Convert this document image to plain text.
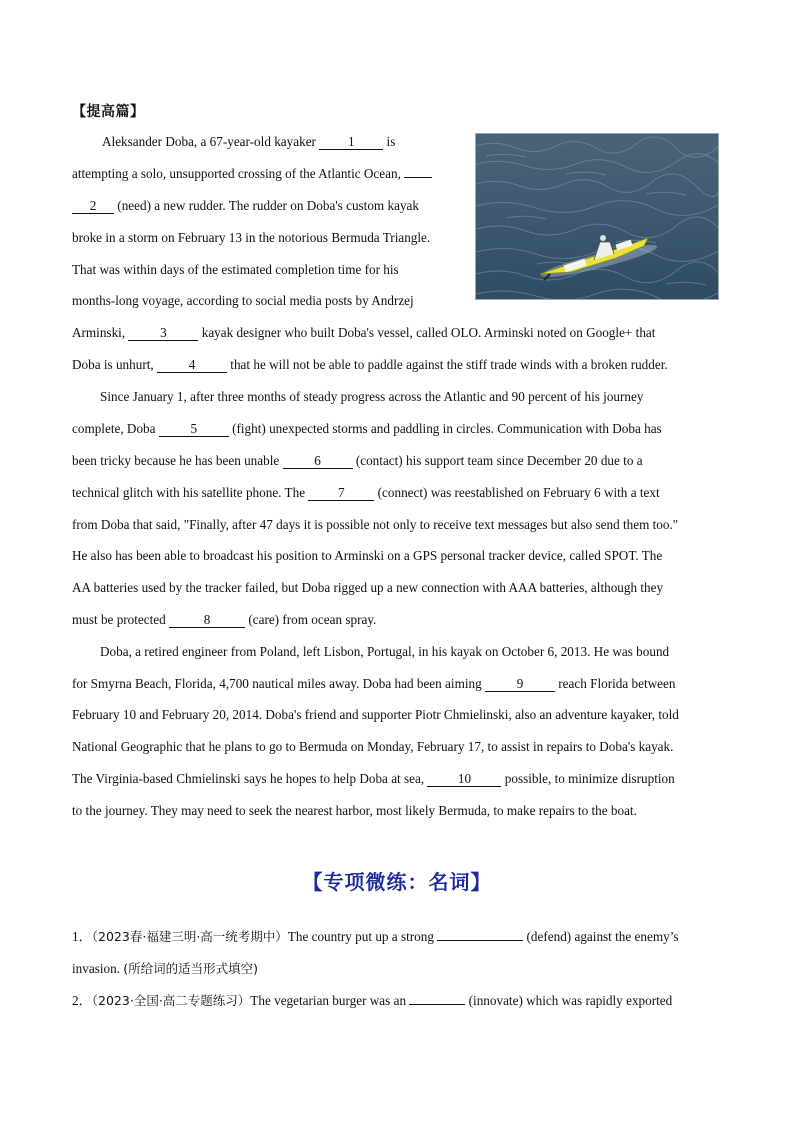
【提高篇】
Aleksander Doba, a 67-year-old kayaker 1 is
attempting a solo, unsupported crossing of the Atlantic Ocean,
2 (need) a new rudder. The rudder on Doba's custom kayak
broke in a storm on February 13 in the notorious Bermuda Triangle.
That was within days of the estimated completion time for his
months-long voyage, according to social media posts by Andrzej
Arminski, 3 kayak designer who built Doba's vessel, called OLO. Arminski noted on Google+ that
Doba is unhurt, 4 that he will not be able to paddle against the stiff trade winds with a broken rudder.
Since January 1, after three months of steady progress across the Atlantic and 90 percent of his journey
complete, Doba 5 (fight) unexpected storms and paddling in circles. Communication with Doba has
been tricky because he has been unable 6 (contact) his support team since December 20 due to a
technical glitch with his satellite phone. The 7 (connect) was reestablished on February 6 with a text
from Doba that said, "Finally, after 47 days it is possible not only to receive text messages but also send them too."
He also has been able to broadcast his position to Arminski on a GPS personal tracker device, called SPOT. The
AA batteries used by the tracker failed, but Doba rigged up a new connection with AAA batteries, although they
must be protected	8	(care) from ocean spray.
Doba, a retired engineer from Poland, left Lisbon, Portugal, in his kayak on October 6, 2013. He was bound
for Smyrna Beach, Florida, 4,700 nautical miles away. Doba had been aiming 9 reach Florida between
February 10 and February 20, 2014. Doba's friend and supporter Piotr Chmielinski, also an adventure kayaker, told
National Geographic that he plans to go to Bermuda on Monday, February 17, to assist in repairs to Doba's kayak.
The Virginia-based Chmielinski says he hopes to help Doba at sea, 10 possible, to minimize disruption
to the journey. They may need to seek the nearest harbor, most likely Bermuda, to make repairs to the boat.
【专项微练：名词】
1．（2023春·福建三明·高一统考期中）The country put up a strong	(defend) against the enemy’s
invasion. (所给词的适当形式填空)
2．（2023·全国·高二专题练习）The vegetarian burger was an	(innovate) which was rapidly exported
